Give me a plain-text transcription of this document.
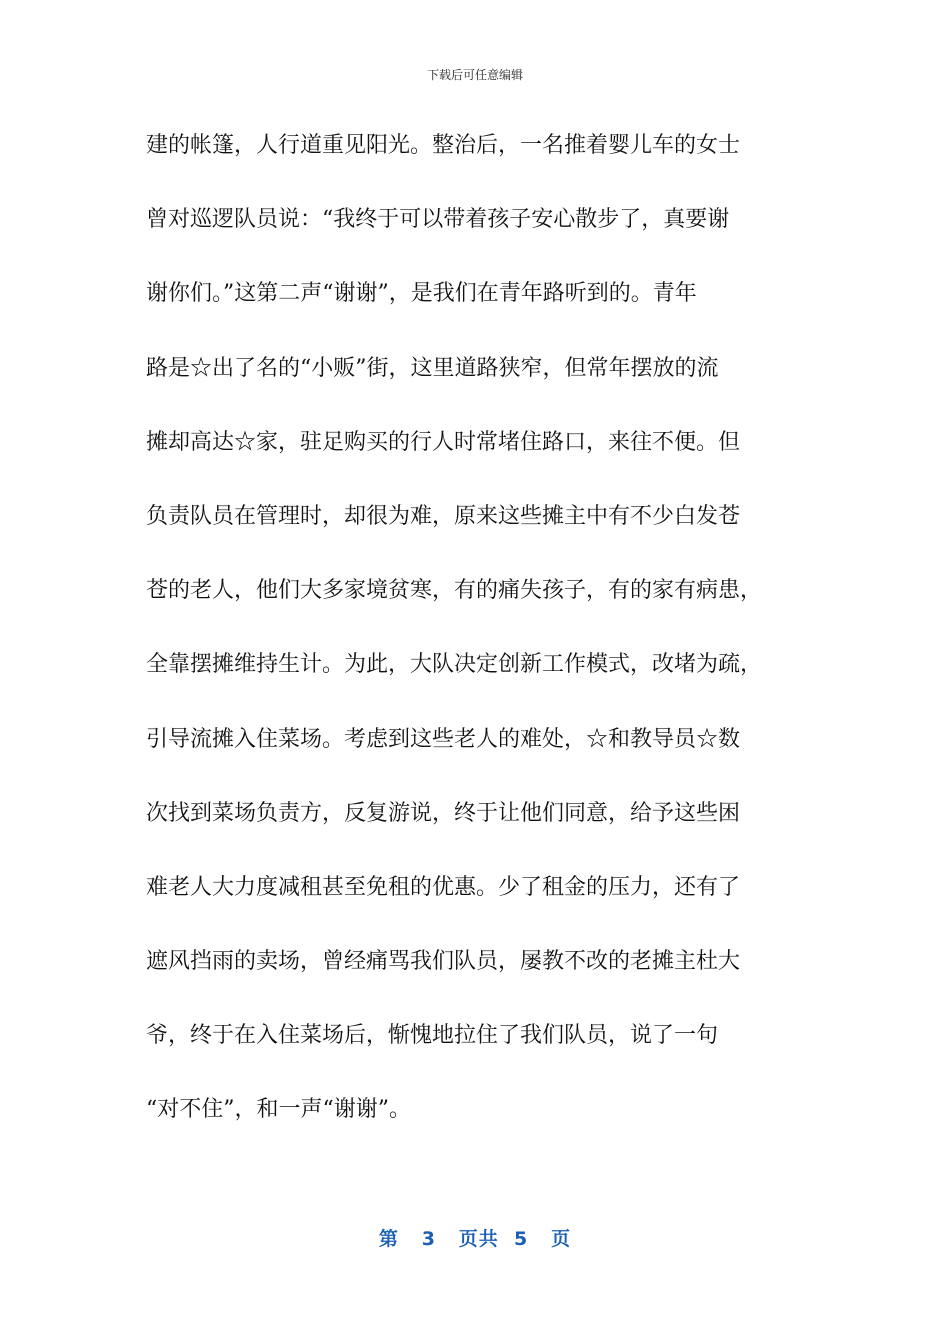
下载后可任意编辑
建的帐篷，人行道重见阳光。整治后，一名推着婴儿车的女士
曾对巡逻队员说：“我终于可以带着孩子安心散步了，真要谢
谢你们。”这第二声“谢谢”，是我们在青年路听到的。青年
路是☆出了名的“小贩”街，这里道路狭窄，但常年摆放的流
摊却高达☆家，驻足购买的行人时常堵住路口，来往不便。但
负责队员在管理时，却很为难，原来这些摊主中有不少白发苍
苍的老人，他们大多家境贫寒，有的痛失孩子，有的家有病患，
全靠摆摊维持生计。为此，大队决定创新工作模式，改堵为疏，
引导流摊入住菜场。考虑到这些老人的难处，☆和教导员☆数
次找到菜场负责方，反复游说，终于让他们同意，给予这些困
难老人大力度减租甚至免租的优惠。少了租金的压力，还有了
遮风挡雨的卖场，曾经痛骂我们队员，屡教不改的老摊主杜大
爷，终于在入住菜场后，惭愧地拉住了我们队员，说了一句
“对不住”，和一声“谢谢”。
第 3 页共 5 页
